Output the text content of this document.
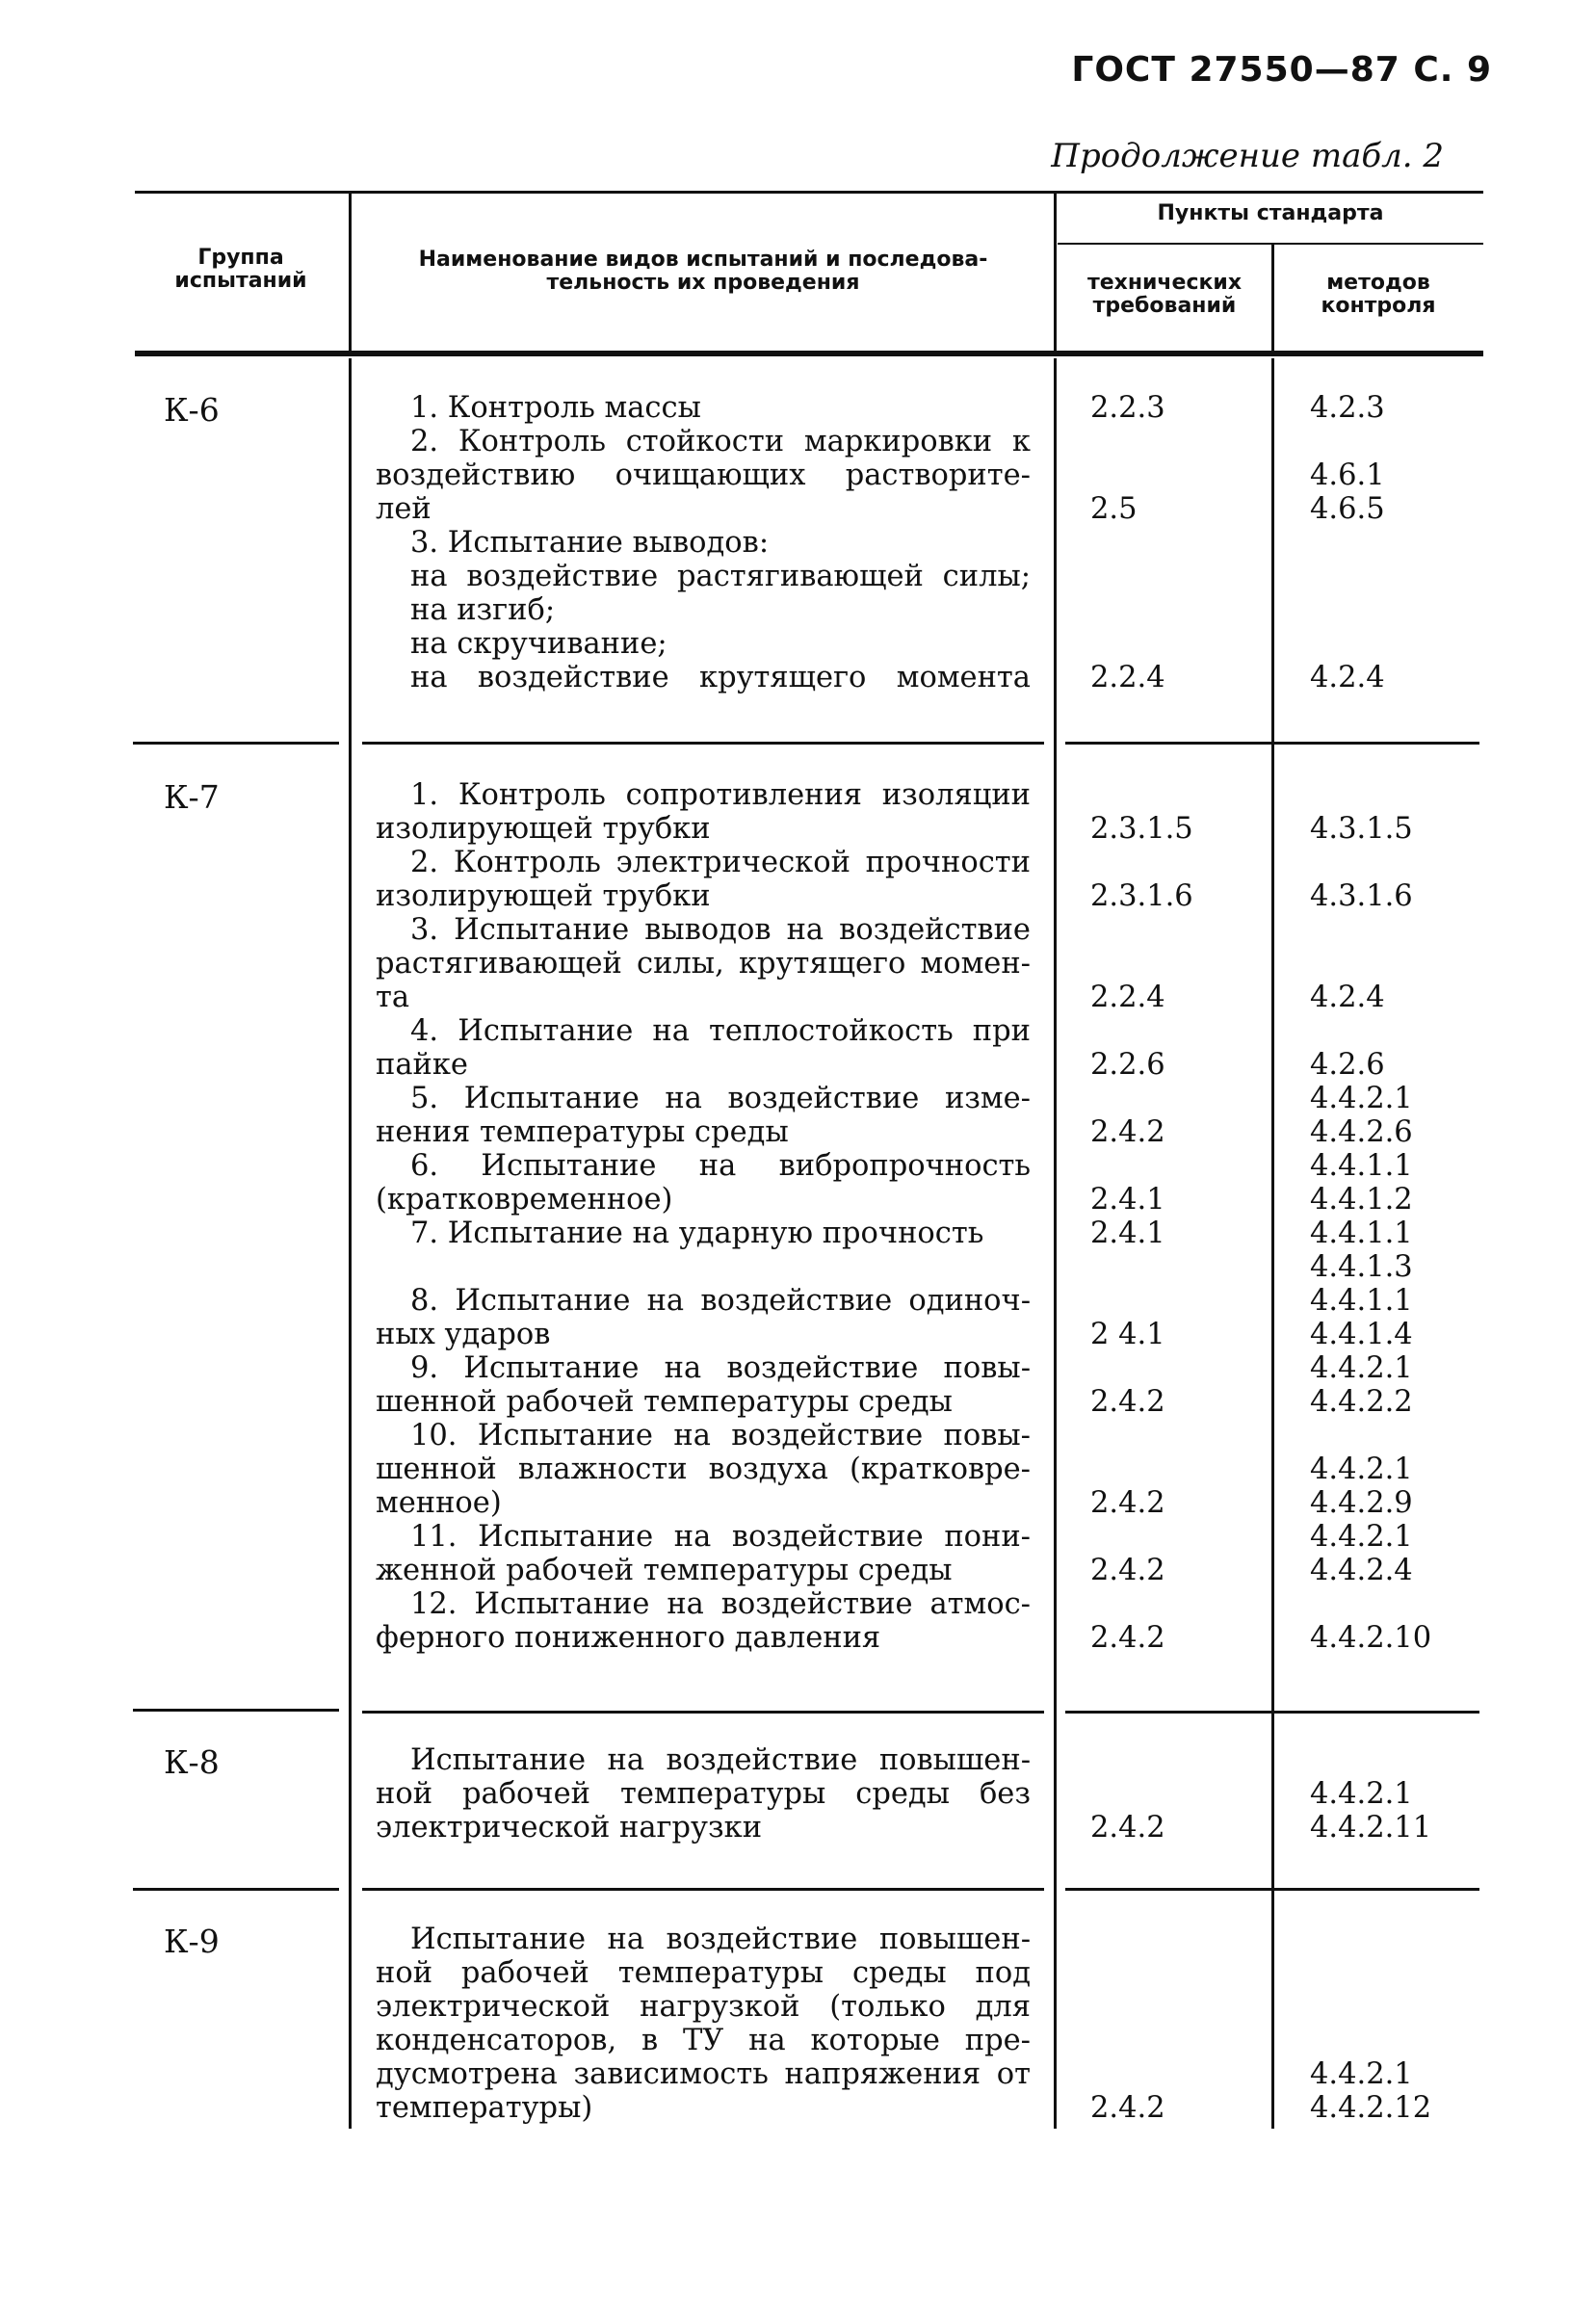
ГОСТ 27550—87 С. 9
Продолжение табл. 2
Группа
испытаний
Наименование видов испытаний и последова-
тельность их проведения
Пункты стандарта
технических
требований
методов
контроля
К-6
К-7
К-8
К-9
1. Контроль массы
2. Контроль стойкости маркировки к
воздействию очищающих растворите-
лей
3. Испытание выводов:
на воздействие растягивающей силы;
на изгиб;
на скручивание;
на воздействие крутящего момента
2.2.3
2.5
2.2.4
4.2.3
4.6.1
4.6.5
4.2.4
1. Контроль сопротивления изоляции
изолирующей трубки
2. Контроль электрической прочности
изолирующей трубки
3. Испытание выводов на воздействие
растягивающей силы, крутящего момен-
та
4. Испытание на теплостойкость при
пайке
5. Испытание на воздействие изме-
нения температуры среды
6. Испытание на вибропрочность
(кратковременное)
7. Испытание на ударную прочность
8. Испытание на воздействие одиноч-
ных ударов
9. Испытание на воздействие повы-
шенной рабочей температуры среды
10. Испытание на воздействие повы-
шенной влажности воздуха (кратковре-
менное)
11. Испытание на воздействие пони-
женной рабочей температуры среды
12. Испытание на воздействие атмос-
ферного пониженного давления
2.3.1.5
2.3.1.6
2.2.4
2.2.6
2.4.2
2.4.1
2.4.1
2 4.1
2.4.2
2.4.2
2.4.2
2.4.2
4.3.1.5
4.3.1.6
4.2.4
4.2.6
4.4.2.1
4.4.2.6
4.4.1.1
4.4.1.2
4.4.1.1
4.4.1.3
4.4.1.1
4.4.1.4
4.4.2.1
4.4.2.2
4.4.2.1
4.4.2.9
4.4.2.1
4.4.2.4
4.4.2.10
Испытание на воздействие повышен-
ной рабочей температуры среды без
электрической нагрузки	2.4.2
4.4.2.1
4.4.2.11
Испытание на воздействие повышен-
ной рабочей температуры среды под
электрической нагрузкой (только для
конденсаторов, в ТУ на которые пре-
дусмотрена зависимость напряжения от
температуры)	2.4.2
4.4.2.1
4.4.2.12
